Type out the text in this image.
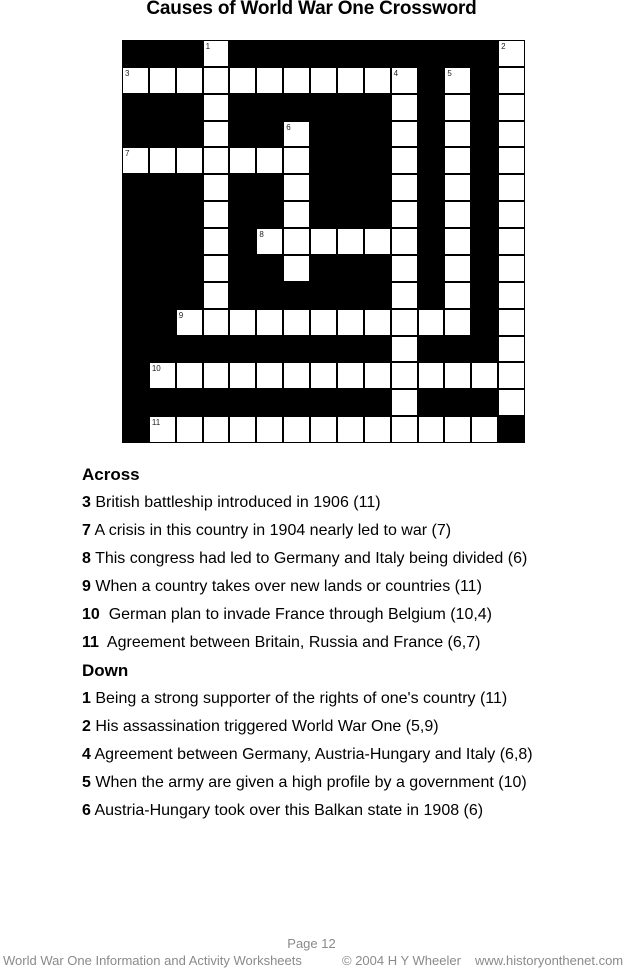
Causes of World War One Crossword
1	2
3	4	5
6
7
8
9
10
11
Across
3 British battleship introduced in 1906 (11)
7 A crisis in this country in 1904 nearly led to war (7)
8 This congress had led to Germany and Italy being divided (6)
9 When a country takes over new lands or countries (11)
10  German plan to invade France through Belgium (10,4)
11  Agreement between Britain, Russia and France (6,7)
Down
1 Being a strong supporter of the rights of one's country (11)
2 His assassination triggered World War One (5,9)
4 Agreement between Germany, Austria-Hungary and Italy (6,8)
5 When the army are given a high profile by a government (10)
6 Austria-Hungary took over this Balkan state in 1908 (6)
Page 12
World War One Information and Activity Worksheets	© 2004 H Y Wheeler www.historyonthenet.com
